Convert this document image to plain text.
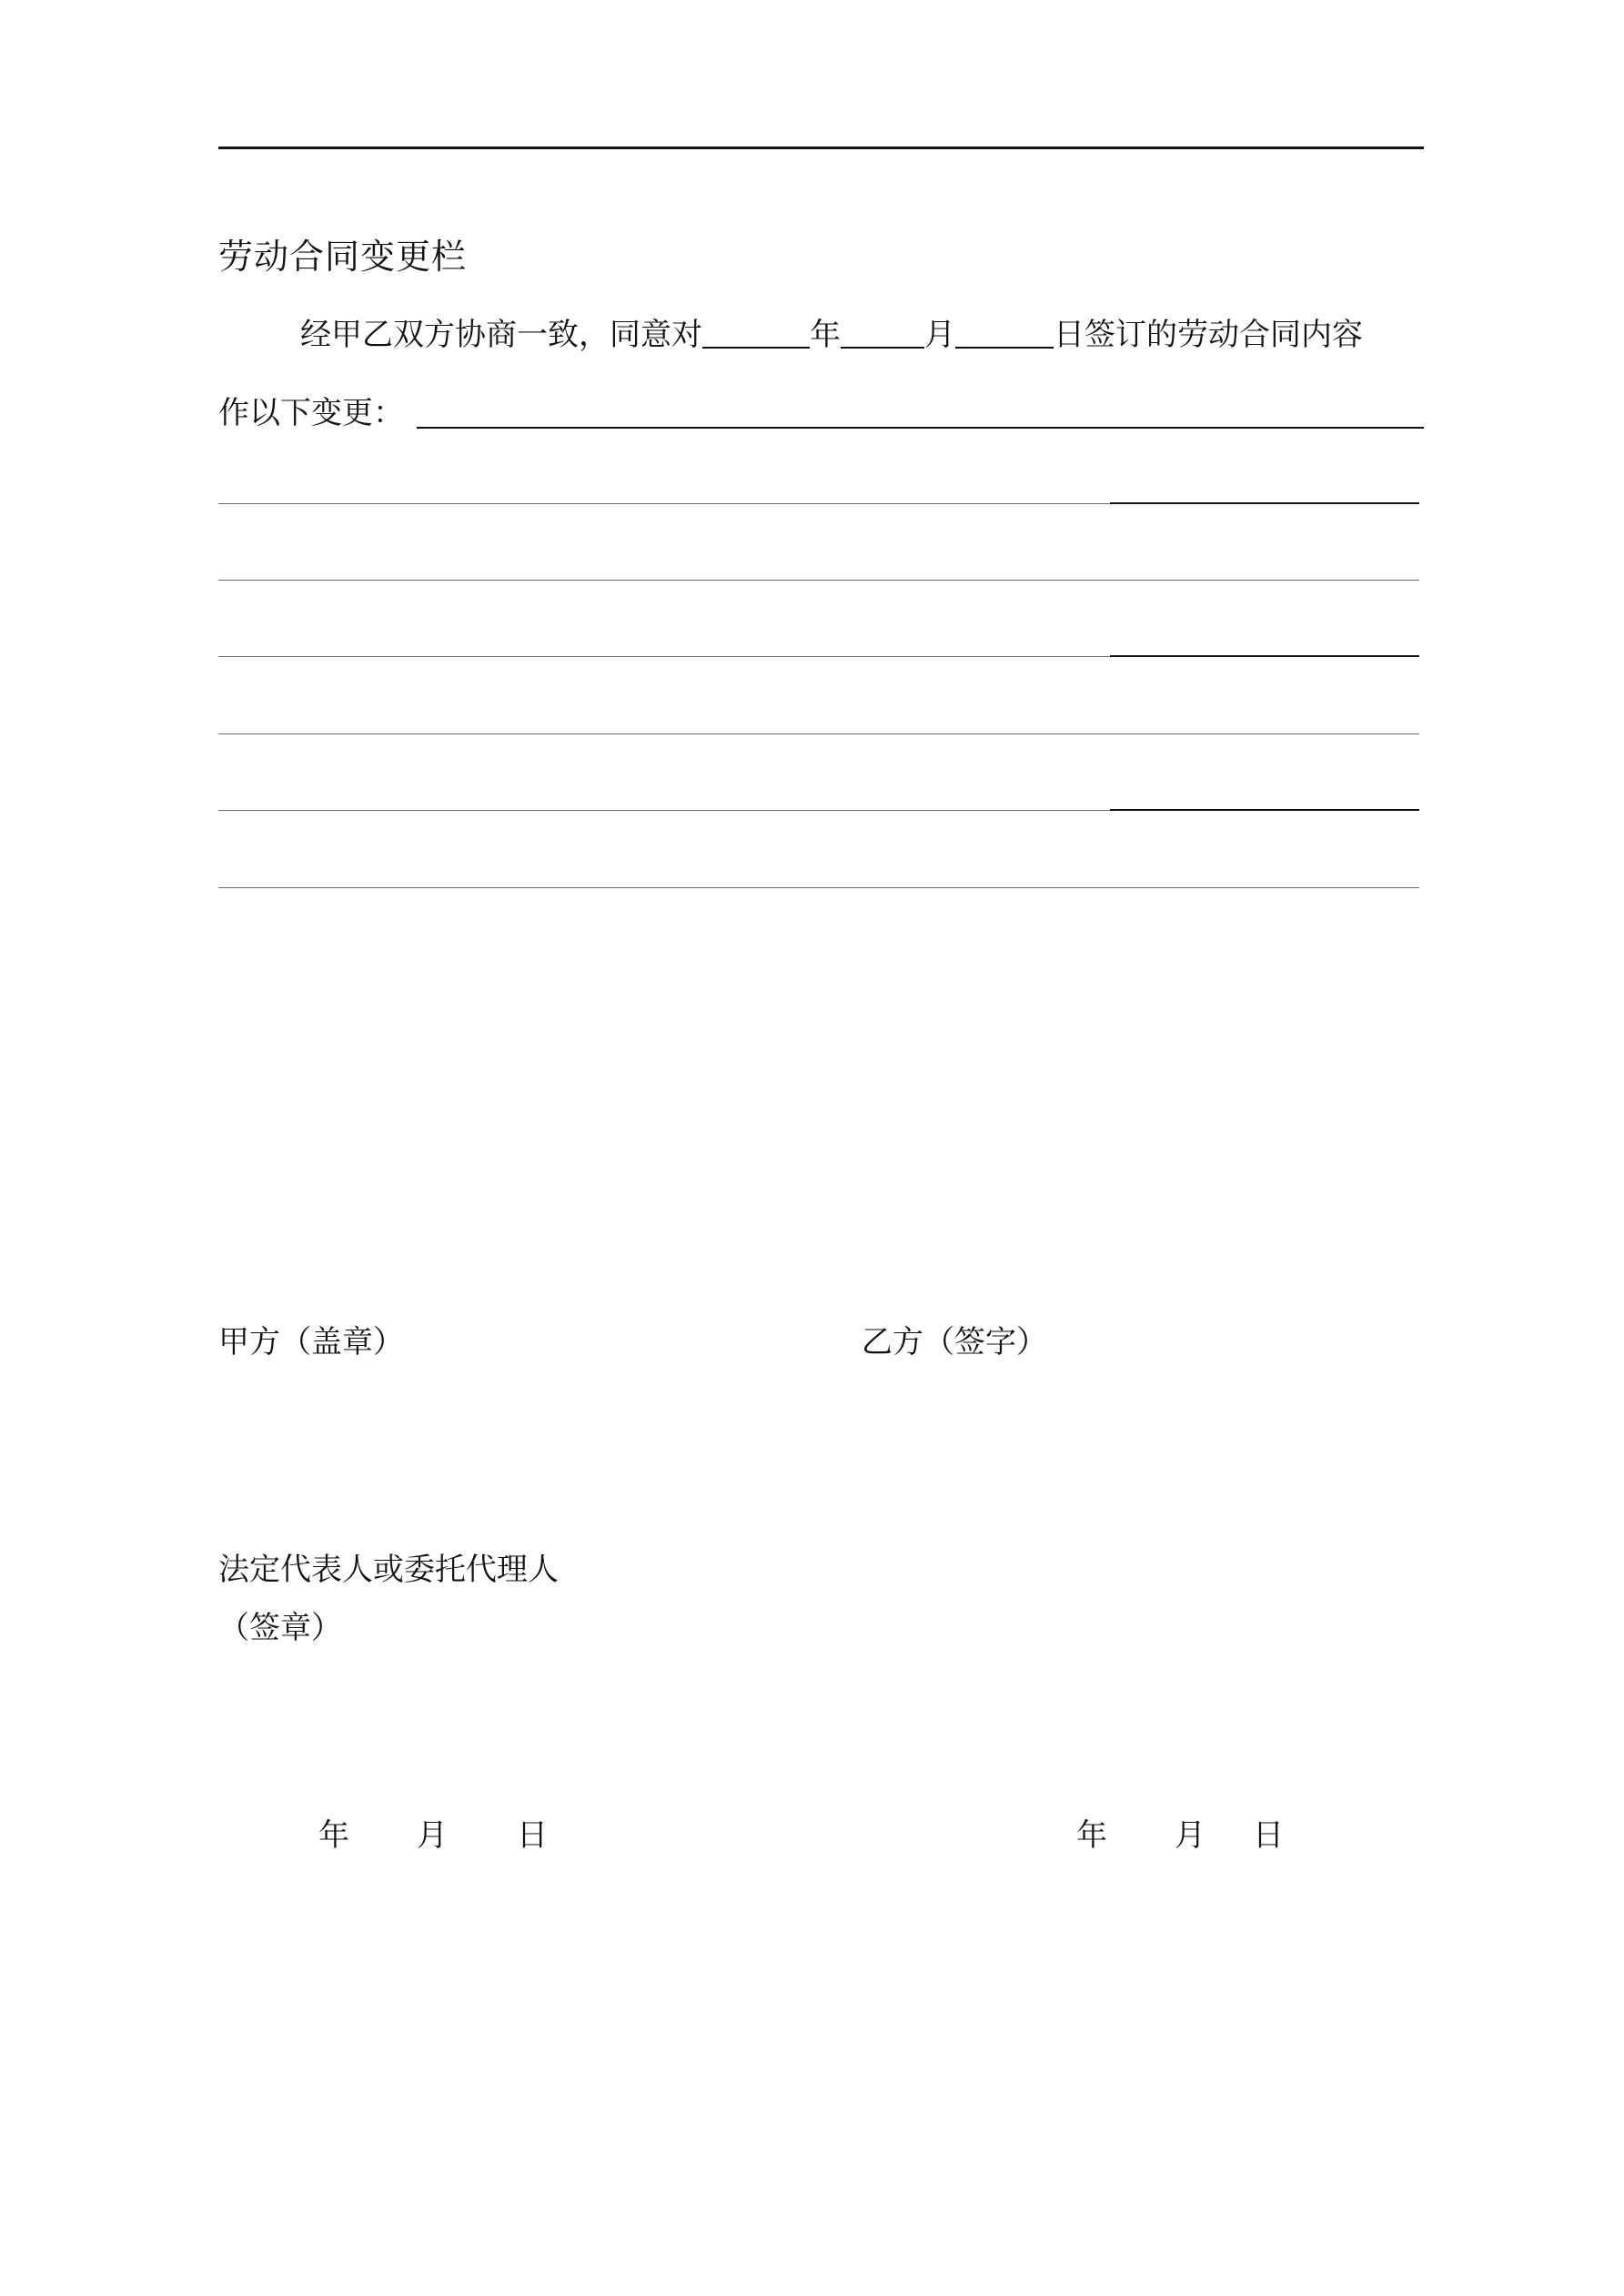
劳动合同变更栏
经甲乙双方协商一致，同意对	年	月	日签订的劳动合同内容
作以下变更：
甲方（盖章）	乙方（签字）
法定代表人或委托代理人
（签章）
年 月 日	年 月 日
